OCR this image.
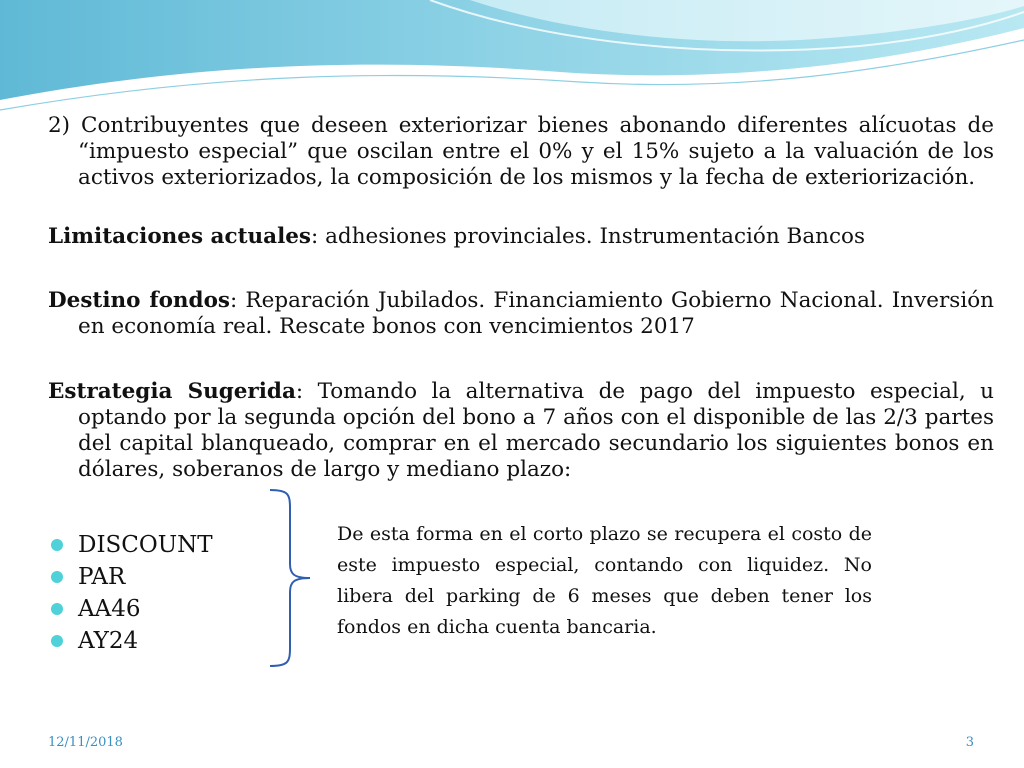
2) Contribuyentes que deseen exteriorizar bienes abonando diferentes alícuotas de “impuesto especial” que oscilan entre el 0% y el 15% sujeto a la valuación de los activos exteriorizados, la composición de los mismos y la fecha de exteriorización.

Limitaciones actuales: adhesiones provinciales. Instrumentación Bancos

Destino fondos: Reparación Jubilados. Financiamiento Gobierno Nacional. Inversión en economía real. Rescate bonos con vencimientos 2017

Estrategia Sugerida: Tomando la alternativa de pago del impuesto especial, u optando por la segunda opción del bono a 7 años con el disponible de las 2/3 partes del capital blanqueado, comprar en el mercado secundario los siguientes bonos en dólares, soberanos de largo y mediano plazo:

DISCOUNT
PAR
AA46
AY24

De esta forma en el corto plazo se recupera el costo de este impuesto especial, contando con liquidez. No libera del parking de 6 meses que deben tener los fondos en dicha cuenta bancaria.

12/11/2018	3
